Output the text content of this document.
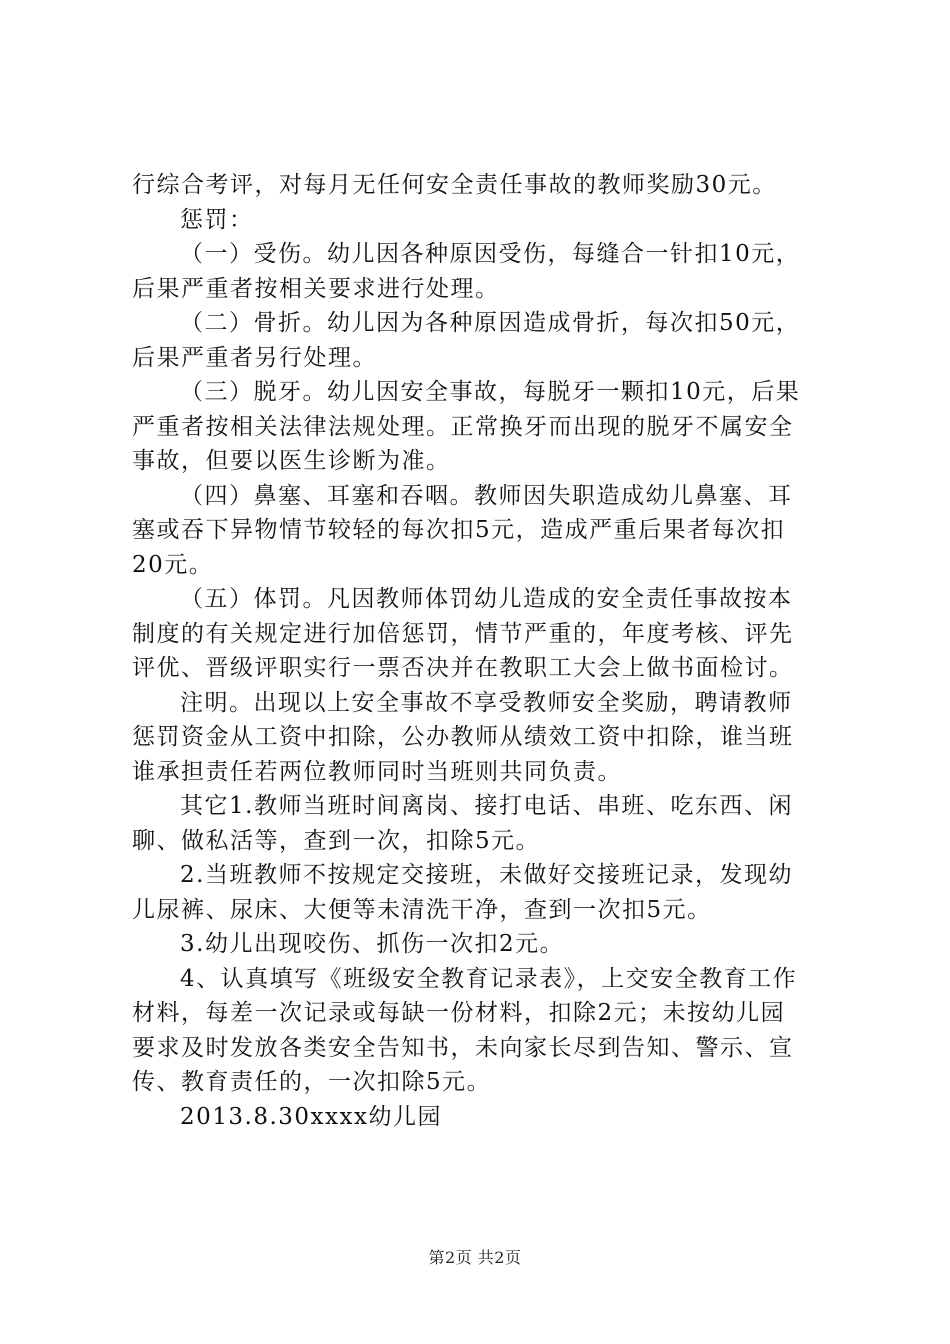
行综合考评，对每月无任何安全责任事故的教师奖励30元。
惩罚：
（一）受伤。幼儿因各种原因受伤，每缝合一针扣10元，
后果严重者按相关要求进行处理。
（二）骨折。幼儿因为各种原因造成骨折，每次扣50元，
后果严重者另行处理。
（三）脱牙。幼儿因安全事故，每脱牙一颗扣10元，后果
严重者按相关法律法规处理。正常换牙而出现的脱牙不属安全
事故，但要以医生诊断为准。
（四）鼻塞、耳塞和吞咽。教师因失职造成幼儿鼻塞、耳
塞或吞下异物情节较轻的每次扣5元，造成严重后果者每次扣
20元。
（五）体罚。凡因教师体罚幼儿造成的安全责任事故按本
制度的有关规定进行加倍惩罚，情节严重的，年度考核、评先
评优、晋级评职实行一票否决并在教职工大会上做书面检讨。
注明。出现以上安全事故不享受教师安全奖励，聘请教师
惩罚资金从工资中扣除，公办教师从绩效工资中扣除，谁当班
谁承担责任若两位教师同时当班则共同负责。
其它1.教师当班时间离岗、接打电话、串班、吃东西、闲
聊、做私活等，查到一次，扣除5元。
2.当班教师不按规定交接班，未做好交接班记录，发现幼
儿尿裤、尿床、大便等未清洗干净，查到一次扣5元。
3.幼儿出现咬伤、抓伤一次扣2元。
4、认真填写《班级安全教育记录表》，上交安全教育工作
材料，每差一次记录或每缺一份材料，扣除2元；未按幼儿园
要求及时发放各类安全告知书，未向家长尽到告知、警示、宣
传、教育责任的，一次扣除5元。
2013.8.30xxxx幼儿园
第2页 共2页
